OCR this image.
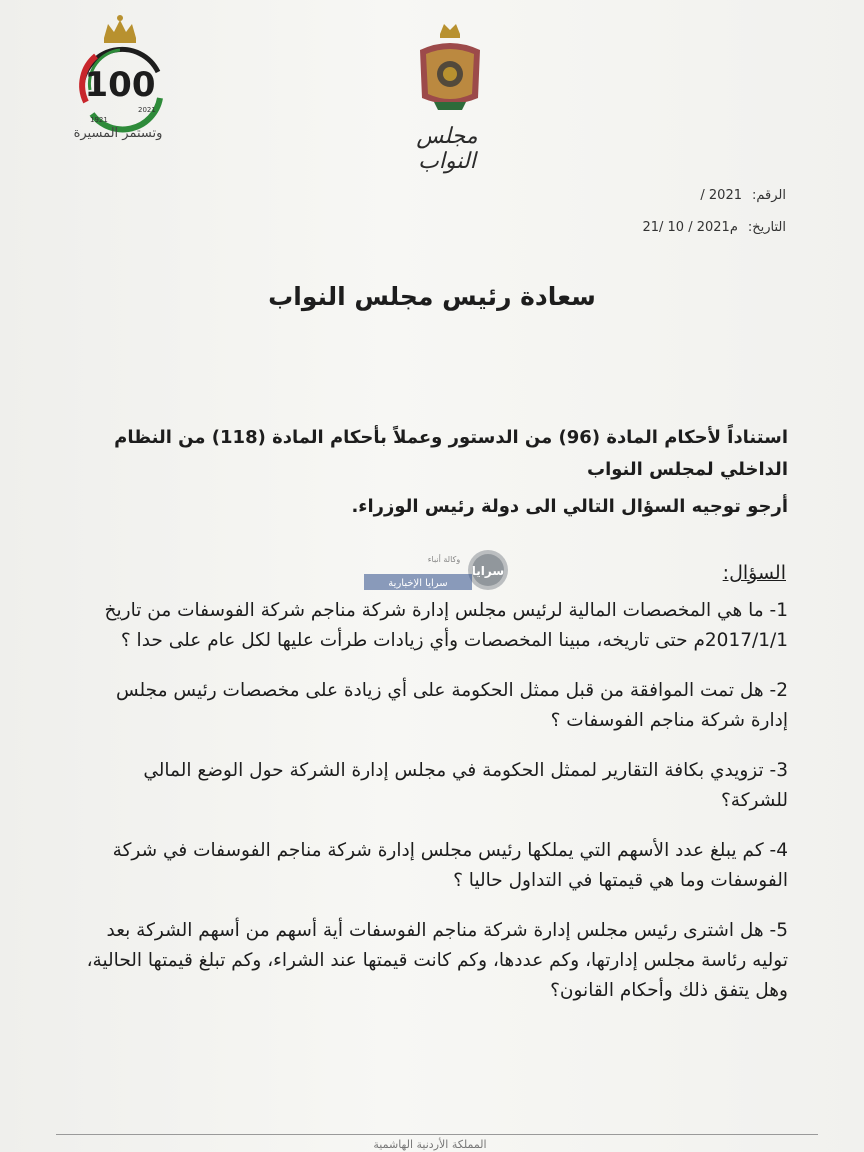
100
1921
2021
وتستمر المسيرة	مجلس النواب
الرقم:
/ 2021
التاريخ:
21/ 10 / 2021م
سعادة رئيس مجلس النواب
استناداً لأحكام المادة (96) من الدستور وعملاً بأحكام المادة (118) من النظام الداخلي لمجلس النواب
أرجو توجيه السؤال التالي الى دولة رئيس الوزراء.
سرايا
وكالة أنباء
سرايا الإخبارية	السؤال:

1- ما هي المخصصات المالية لرئيس مجلس إدارة شركة مناجم شركة الفوسفات من تاريخ 2017/1/1م حتى تاريخه، مبينا المخصصات وأي زيادات طرأت عليها لكل عام على حدا ؟

2- هل تمت الموافقة من قبل ممثل الحكومة على أي زيادة على مخصصات رئيس مجلس إدارة شركة مناجم الفوسفات ؟

3- تزويدي بكافة التقارير لممثل الحكومة في مجلس إدارة الشركة حول الوضع المالي للشركة؟

4- كم يبلغ عدد الأسهم التي يملكها رئيس مجلس إدارة شركة مناجم الفوسفات في شركة الفوسفات وما هي قيمتها في التداول حاليا ؟

5- هل اشترى رئيس مجلس إدارة شركة مناجم الفوسفات أية أسهم من أسهم الشركة بعد توليه رئاسة مجلس إدارتها، وكم عددها، وكم كانت قيمتها عند الشراء، وكم تبلغ قيمتها الحالية، وهل يتفق ذلك وأحكام القانون؟

المملكة الأردنية الهاشمية
